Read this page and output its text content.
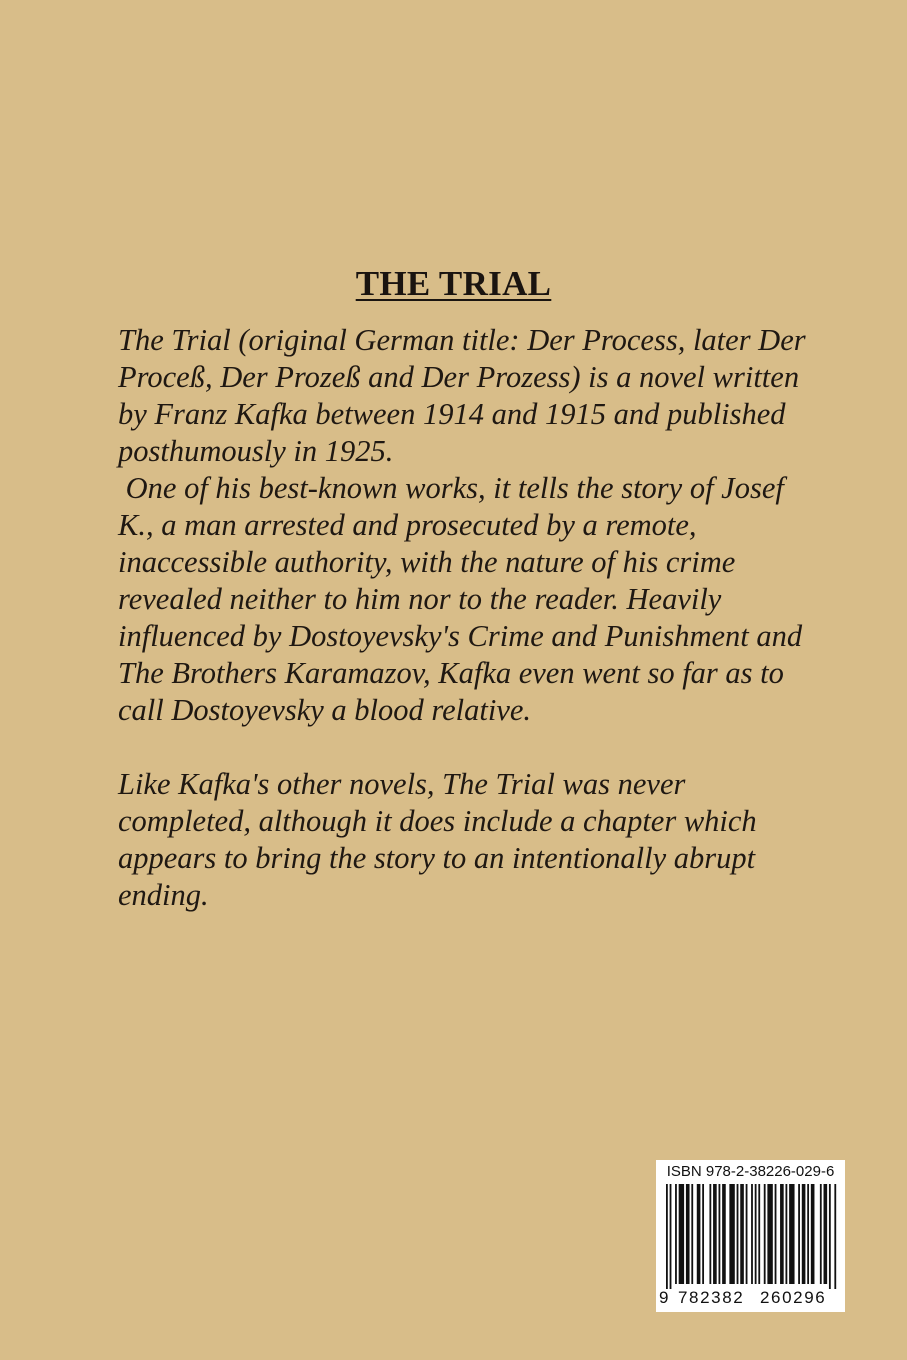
THE TRIAL
The Trial (original German title: Der Process, later Der
Proceß, Der Prozeß and Der Prozess) is a novel written
by Franz Kafka between 1914 and 1915 and published
posthumously in 1925.
One of his best-known works, it tells the story of Josef
K., a man arrested and prosecuted by a remote,
inaccessible authority, with the nature of his crime
revealed neither to him nor to the reader. Heavily
influenced by Dostoyevsky's Crime and Punishment and
The Brothers Karamazov, Kafka even went so far as to
call Dostoyevsky a blood relative.
Like Kafka's other novels, The Trial was never
completed, although it does include a chapter which
appears to bring the story to an intentionally abrupt
ending.
ISBN 978-2-38226-029-6
9 782382 260296
